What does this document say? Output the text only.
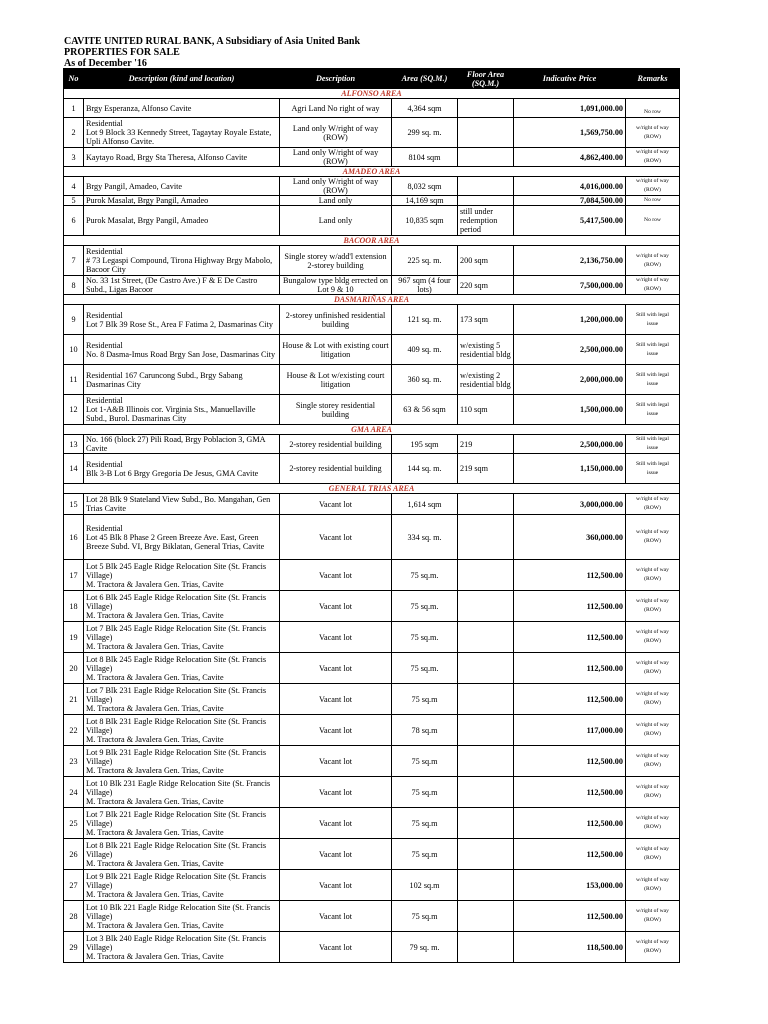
CAVITE UNITED RURAL BANK, A Subsidiary of Asia United Bank
PROPERTIES FOR SALE
As of December '16
No	Description (kind and location)	Description	Area (SQ.M.)	Floor Area (SQ.M.)	Indicative Price	Remarks
ALFONSO AREA						
1	Brgy Esperanza, Alfonso Cavite	Agri Land No right of way	4,364 sqm		1,091,000.00	No row
2	Residential
Lot 9 Block 33 Kennedy Street, Tagaytay Royale Estate, Upli Alfonso Cavite.	Land only W/right of way (ROW)	299 sq. m.		1,569,750.00	w/right of way
(ROW)
3	Kaytayo Road, Brgy Sta Theresa, Alfonso Cavite	Land only W/right of way (ROW)	8104 sqm		4,862,400.00	w/right of way
(ROW)
AMADEO AREA						
4	Brgy Pangil, Amadeo, Cavite	Land only W/right of way (ROW)	8,032 sqm		4,016,000.00	w/right of way
(ROW)
5	Purok Masalat, Brgy Pangil, Amadeo	Land only	14,169 sqm		7,084,500.00	No row
6	Purok Masalat, Brgy Pangil, Amadeo	Land only	10,835 sqm	still under redemption period	5,417,500.00	No row
BACOOR AREA						
7	Residential
# 73 Legaspi Compound, Tirona Highway Brgy Mabolo, Bacoor City	Single storey w/add'l extension 2-storey building	225 sq. m.	200 sqm	2,136,750.00	w/right of way
(ROW)
8	No. 33 1st Street, (De Castro Ave.) F & E De Castro Subd., Ligas Bacoor	Bungalow type bldg errected on Lot 9 & 10	967 sqm (4 four lots)	220 sqm	7,500,000.00	w/right of way
(ROW)
DASMARIÑAS AREA						
9	Residential
Lot 7 Blk 39 Rose St., Area F Fatima 2, Dasmarinas City	2-storey unfinished residential building	121 sq. m.	173 sqm	1,200,000.00	Still with legal
issue
10	Residential
No. 8 Dasma-Imus Road Brgy San Jose, Dasmarinas City	House & Lot with existing court litigation	409 sq. m.	w/existing 5 residential bldg	2,500,000.00	Still with legal
issue
11	Residential 167 Caruncong Subd., Brgy Sabang Dasmarinas City	House & Lot w/existing court litigation	360 sq. m.	w/existing 2 residential bldg	2,000,000.00	Still with legal
issue
12	Residential
Lot 1-A&B Illinois cor. Virginia Sts., Manuellaville Subd., Burol. Dasmarinas City	Single storey residential building	63 & 56 sqm	110 sqm	1,500,000.00	Still with legal
issue
GMA AREA						
13	No. 166 (block 27) Pili Road, Brgy Poblacion 3, GMA Cavite	2-storey residential building	195 sqm	219	2,500,000.00	Still with legal
issue
14	Residential
Blk 3-B Lot 6 Brgy Gregoria De Jesus, GMA Cavite	2-storey residential building	144 sq. m.	219 sqm	1,150,000.00	Still with legal
issue
GENERAL TRIAS AREA						
15	Lot 28 Blk 9 Stateland View Subd., Bo. Mangahan, Gen Trias Cavite	Vacant lot	1,614 sqm		3,000,000.00	w/right of way
(ROW)
16	Residential
Lot 45 Blk 8 Phase 2 Green Breeze Ave. East, Green Breeze Subd. VI, Brgy Biklatan, General Trias, Cavite	Vacant lot	334 sq. m.		360,000.00	w/right of way
(ROW)
17	Lot 5 Blk 245 Eagle Ridge Relocation Site (St. Francis Village)
M. Tractora & Javalera Gen. Trias, Cavite	Vacant lot	75 sq.m.		112,500.00	w/right of way
(ROW)
18	Lot 6 Blk 245 Eagle Ridge Relocation Site (St. Francis Village)
M. Tractora & Javalera Gen. Trias, Cavite	Vacant lot	75 sq.m.		112,500.00	w/right of way
(ROW)
19	Lot 7 Blk 245 Eagle Ridge Relocation Site (St. Francis Village)
M. Tractora & Javalera Gen. Trias, Cavite	Vacant lot	75 sq.m.		112,500.00	w/right of way
(ROW)
20	Lot 8 Blk 245 Eagle Ridge Relocation Site (St. Francis Village)
M. Tractora & Javalera Gen. Trias, Cavite	Vacant lot	75 sq.m.		112,500.00	w/right of way
(ROW)
21	Lot 7 Blk 231 Eagle Ridge Relocation Site (St. Francis Village)
M. Tractora & Javalera Gen. Trias, Cavite	Vacant lot	75 sq.m		112,500.00	w/right of way
(ROW)
22	Lot 8 Blk 231 Eagle Ridge Relocation Site (St. Francis Village)
M. Tractora & Javalera Gen. Trias, Cavite	Vacant lot	78 sq.m		117,000.00	w/right of way
(ROW)
23	Lot 9 Blk 231 Eagle Ridge Relocation Site (St. Francis Village)
M. Tractora & Javalera Gen. Trias, Cavite	Vacant lot	75 sq.m		112,500.00	w/right of way
(ROW)
24	Lot 10 Blk 231 Eagle Ridge Relocation Site (St. Francis Village)
M. Tractora & Javalera Gen. Trias, Cavite	Vacant lot	75 sq.m		112,500.00	w/right of way
(ROW)
25	Lot 7 Blk 221 Eagle Ridge Relocation Site (St. Francis Village)
M. Tractora & Javalera Gen. Trias, Cavite	Vacant lot	75 sq.m		112,500.00	w/right of way
(ROW)
26	Lot 8 Blk 221 Eagle Ridge Relocation Site (St. Francis Village)
M. Tractora & Javalera Gen. Trias, Cavite	Vacant lot	75 sq.m		112,500.00	w/right of way
(ROW)
27	Lot 9 Blk 221 Eagle Ridge Relocation Site (St. Francis Village)
M. Tractora & Javalera Gen. Trias, Cavite	Vacant lot	102 sq.m		153,000.00	w/right of way
(ROW)
28	Lot 10 Blk 221 Eagle Ridge Relocation Site (St. Francis Village)
M. Tractora & Javalera Gen. Trias, Cavite	Vacant lot	75 sq.m		112,500.00	w/right of way
(ROW)
29	Lot 3 Blk 240 Eagle Ridge Relocation Site (St. Francis Village)
M. Tractora & Javalera Gen. Trias, Cavite	Vacant lot	79 sq. m.		118,500.00	w/right of way
(ROW)
